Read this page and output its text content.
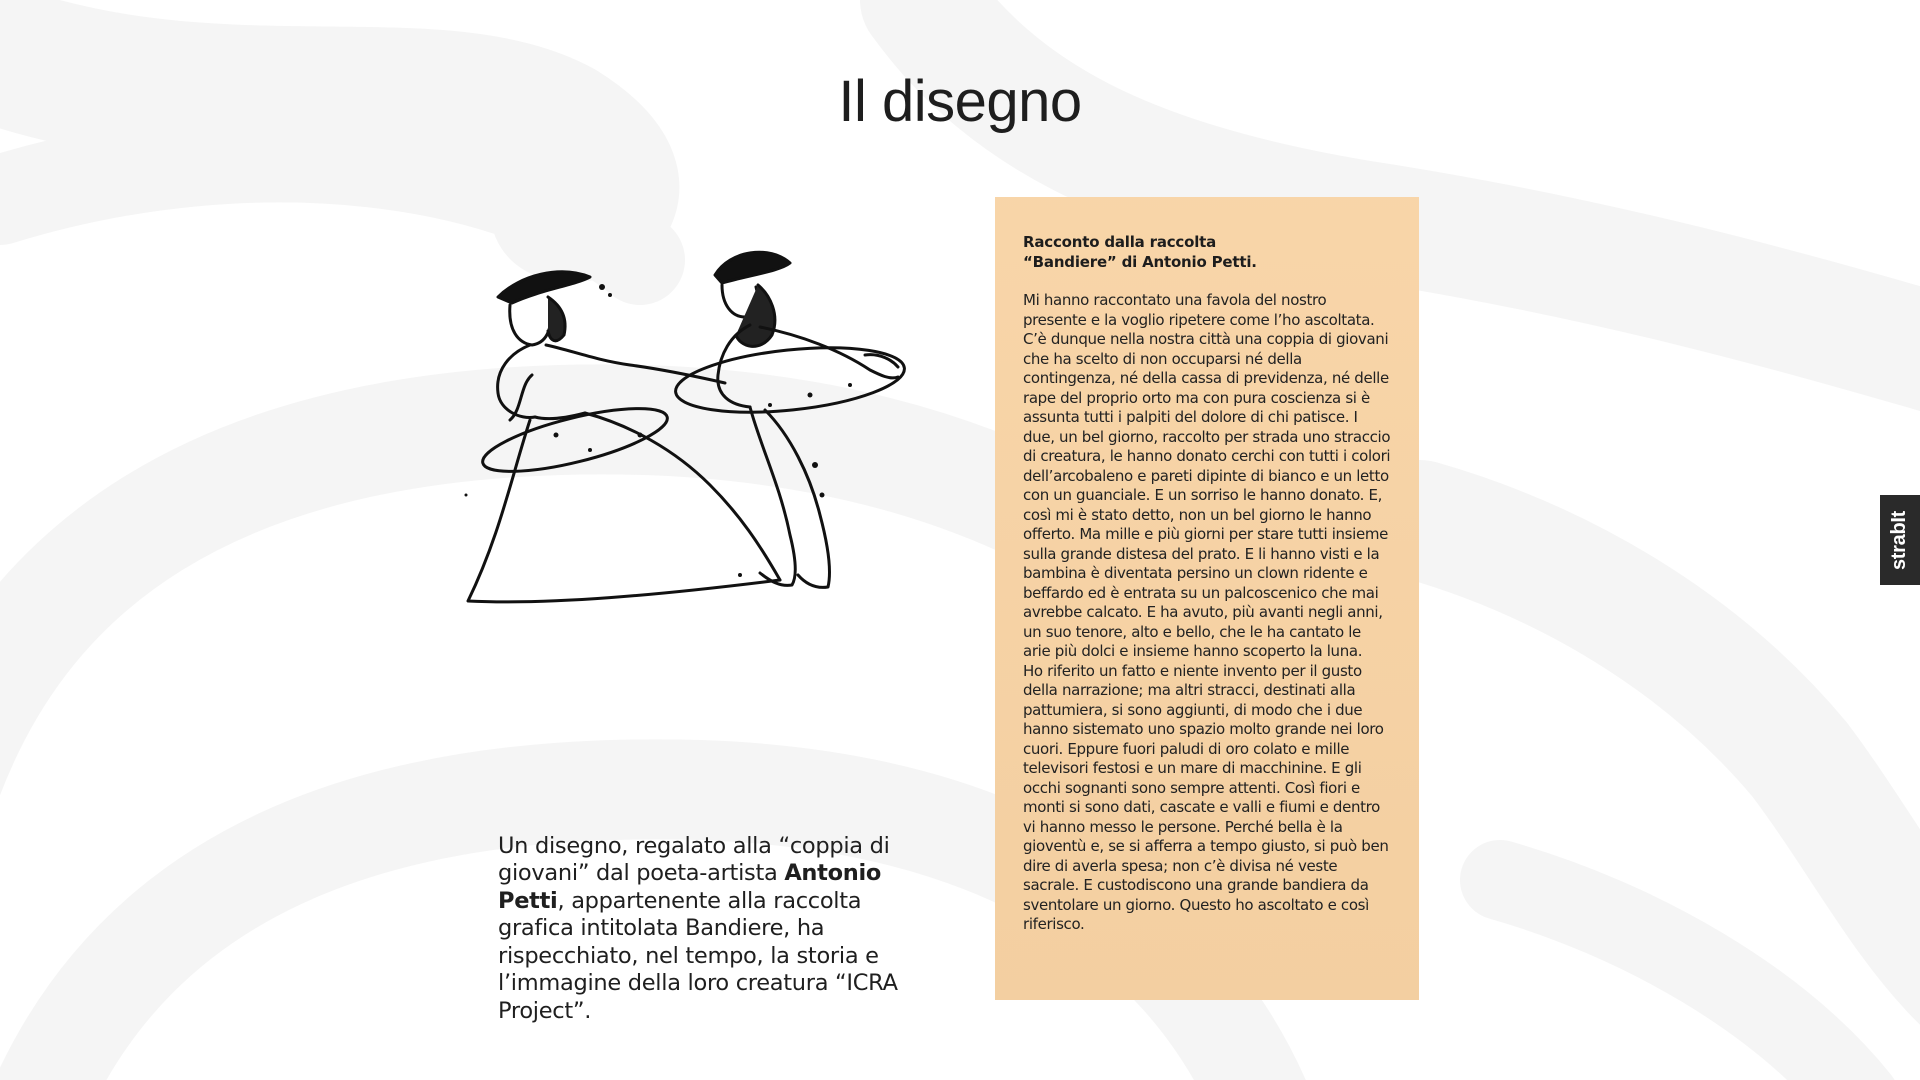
Il disegno

Un disegno, regalato alla “coppia di giovani” dal poeta-artista Antonio Petti, appartenente alla raccolta grafica intitolata Bandiere, ha rispecchiato, nel tempo, la storia e l’immagine della loro creatura “ICRA Project”.

Racconto dalla raccolta
“Bandiere” di Antonio Petti.

Mi hanno raccontato una favola del nostro presente e la voglio ripetere come l’ho ascoltata. C’è dunque nella nostra città una coppia di giovani che ha scelto di non occuparsi né della contingenza, né della cassa di previdenza, né delle rape del proprio orto ma con pura coscienza si è assunta tutti i palpiti del dolore di chi patisce. I due, un bel giorno, raccolto per strada uno straccio di creatura, le hanno donato cerchi con tutti i colori dell’arcobaleno e pareti dipinte di bianco e un letto con un guanciale. E un sorriso le hanno donato. E, così mi è stato detto, non un bel giorno le hanno offerto. Ma mille e più giorni per stare tutti insieme sulla grande distesa del prato. E li hanno visti e la bambina è diventata persino un clown ridente e beffardo ed è entrata su un palcoscenico che mai avrebbe calcato. E ha avuto, più avanti negli anni, un suo tenore, alto e bello, che le ha cantato le arie più dolci e insieme hanno scoperto la luna.

Ho riferito un fatto e niente invento per il gusto della narrazione; ma altri stracci, destinati alla pattumiera, si sono aggiunti, di modo che i due hanno sistemato uno spazio molto grande nei loro cuori. Eppure fuori paludi di oro colato e mille televisori festosi e un mare di macchinine. E gli occhi sognanti sono sempre attenti. Così fiori e monti si sono dati, cascate e valli e fiumi e dentro vi hanno messo le persone. Perché bella è la gioventù e, se si afferra a tempo giusto, si può ben dire di averla spesa; non c’è divisa né veste sacrale. E custodiscono una grande bandiera da sventolare un giorno. Questo ho ascoltato e così riferisco.

strabIt
